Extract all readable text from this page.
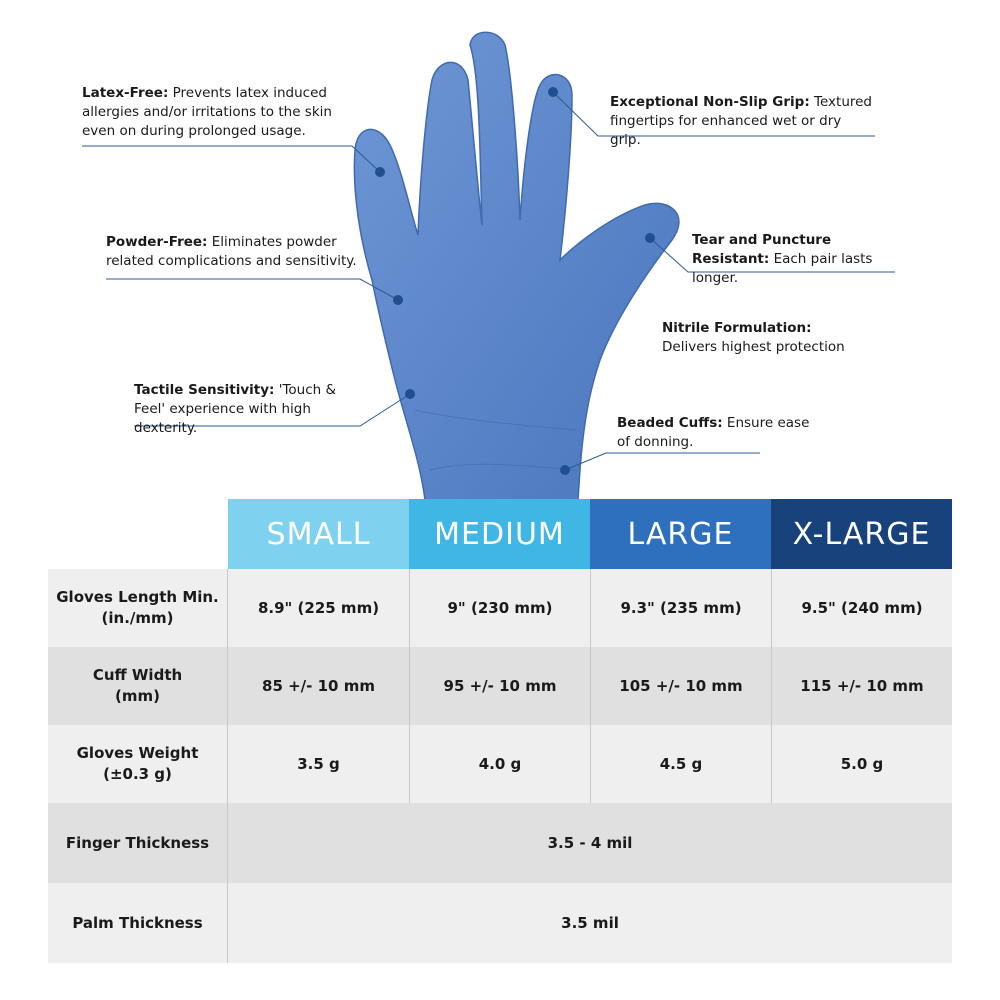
Latex-Free: Prevents latex induced allergies and/or irritations to the skin even on during prolonged usage.
Exceptional Non-Slip Grip: Textured fingertips for enhanced wet or dry grip.
Powder-Free: Eliminates powder related complications and sensitivity.
Tear and Puncture Resistant: Each pair lasts longer.
Nitrile Formulation: Delivers highest protection
Tactile Sensitivity: 'Touch & Feel' experience with high dexterity.	Beaded Cuffs: Ensure ease of donning.
SMALL	MEDIUM	LARGE	X-LARGE
Gloves Length Min.
(in./mm)
8.9" (225 mm)	9" (230 mm)	9.3" (235 mm)	9.5" (240 mm)
Cuff Width
(mm)
85 +/- 10 mm	95 +/- 10 mm	105 +/- 10 mm	115 +/- 10 mm
Gloves Weight
(±0.3 g)
3.5 g	4.0 g	4.5 g	5.0 g
Finger Thickness	3.5 - 4 mil
Palm Thickness	3.5 mil
